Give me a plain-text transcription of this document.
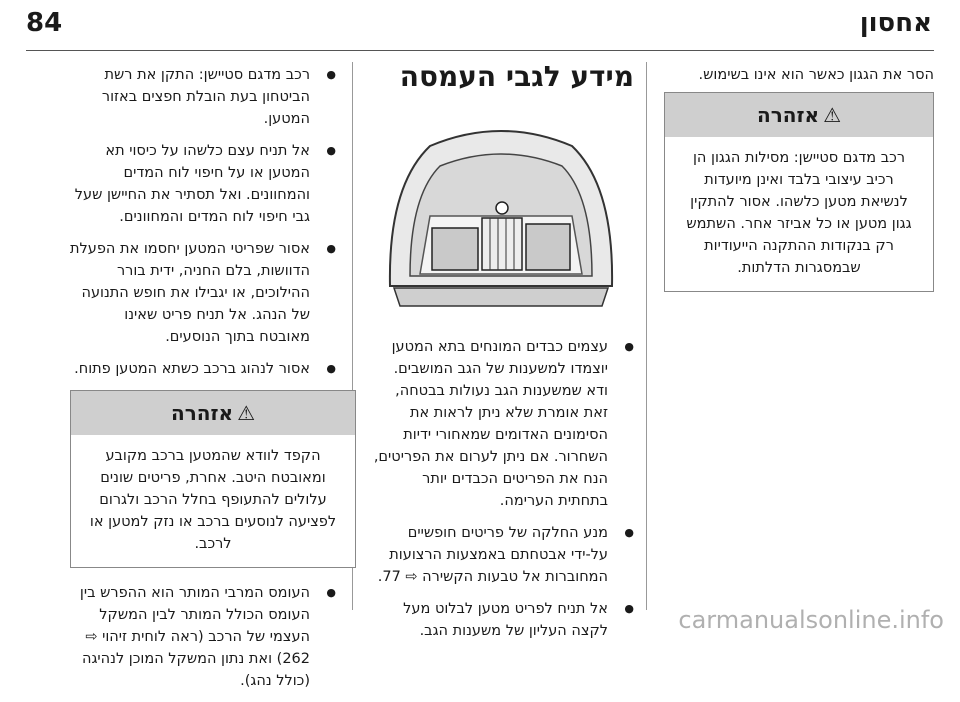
אחסון
84

הסר את הגגון כאשר הוא אינו בשימוש.

⚠
אזהרה
רכב מדגם סטיישן: מסילות הגגון הן רכיב עיצובי בלבד ואינן מיועדות לנשיאת מטען כלשהו. אסור להתקין גגון מטען או כל אביזר אחר. השתמש רק בנקודות ההתקנה הייעודיות שבמסגרות הדלתות.
מידע לגבי העמסה
● עצמים כבדים המונחים בתא המטען יוצמדו למשענות של הגב המושבים. ודא שמשענות הגב נעולות בבטחה, זאת אומרת שלא ניתן לראות את הסימונים האדומים שמאחורי ידיות השחרור. אם ניתן לערום את הפריטים, הנח את הפריטים הכבדים יותר בתחתית הערימה.
● מנע החלקה של פריטים חופשיים על-ידי אבטחתם באמצעות הרצועות המחוברות אל טבעות הקשירה ⇨ 77.
● אל תניח לפריט מטען לבלוט מעל לקצה העליון של משענות הגב.
● רכב מדגם סטיישן: התקן את רשת הביטחון בעת הובלת חפצים באזור המטען.
● אל תניח עצם כלשהו על כיסוי תא המטען או על חיפוי לוח המדים והמחוונים. ואל תסתיר את החיישן שעל גבי חיפוי לוח המדים והמחוונים.
● אסור שפריטי המטען יחסמו את הפעלת הדוושות, בלם החניה, ידית בורר ההילוכים, או יגבילו את חופש התנועה של הנהג. אל תניח פריט שאינו מאובטח בתוך הנוסעים.
● אסור לנהוג ברכב כשתא המטען פתוח.
⚠
אזהרה
הקפד לוודא שהמטען ברכב מקובע ומאובטח היטב. אחרת, פריטים שונים עלולים להתעופף בחלל הרכב ולגרום לפציעה לנוסעים ברכב או נזק למטען או לרכב.
● העומס המרבי המותר הוא ההפרש בין העומס הכולל המותר לבין המשקל העצמי של הרכב (ראה לוחית זיהוי ⇨ 262) ואת נתון המשקל המוכן לנהיגה (כולל נהג).
carmanualsonline.info
